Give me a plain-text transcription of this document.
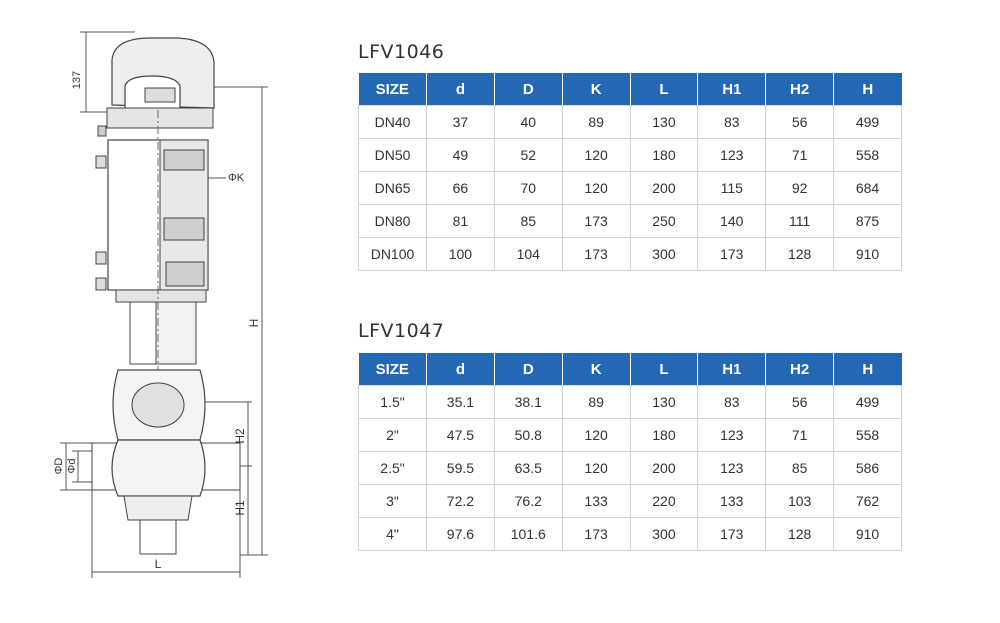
137
ΦK
H
H2
H1
ΦD Φd
L
LFV1046
SIZE	d	D	K	L	H1	H2	H
DN40	37	40	89	130	83	56	499
DN50	49	52	120	180	123	71	558
DN65	66	70	120	200	115	92	684
DN80	81	85	173	250	140	111	875
DN100	100	104	173	300	173	128	910
LFV1047
SIZE	d	D	K	L	H1	H2	H
1.5"	35.1	38.1	89	130	83	56	499
2"	47.5	50.8	120	180	123	71	558
2.5"	59.5	63.5	120	200	123	85	586
3"	72.2	76.2	133	220	133	103	762
4"	97.6	101.6	173	300	173	128	910
